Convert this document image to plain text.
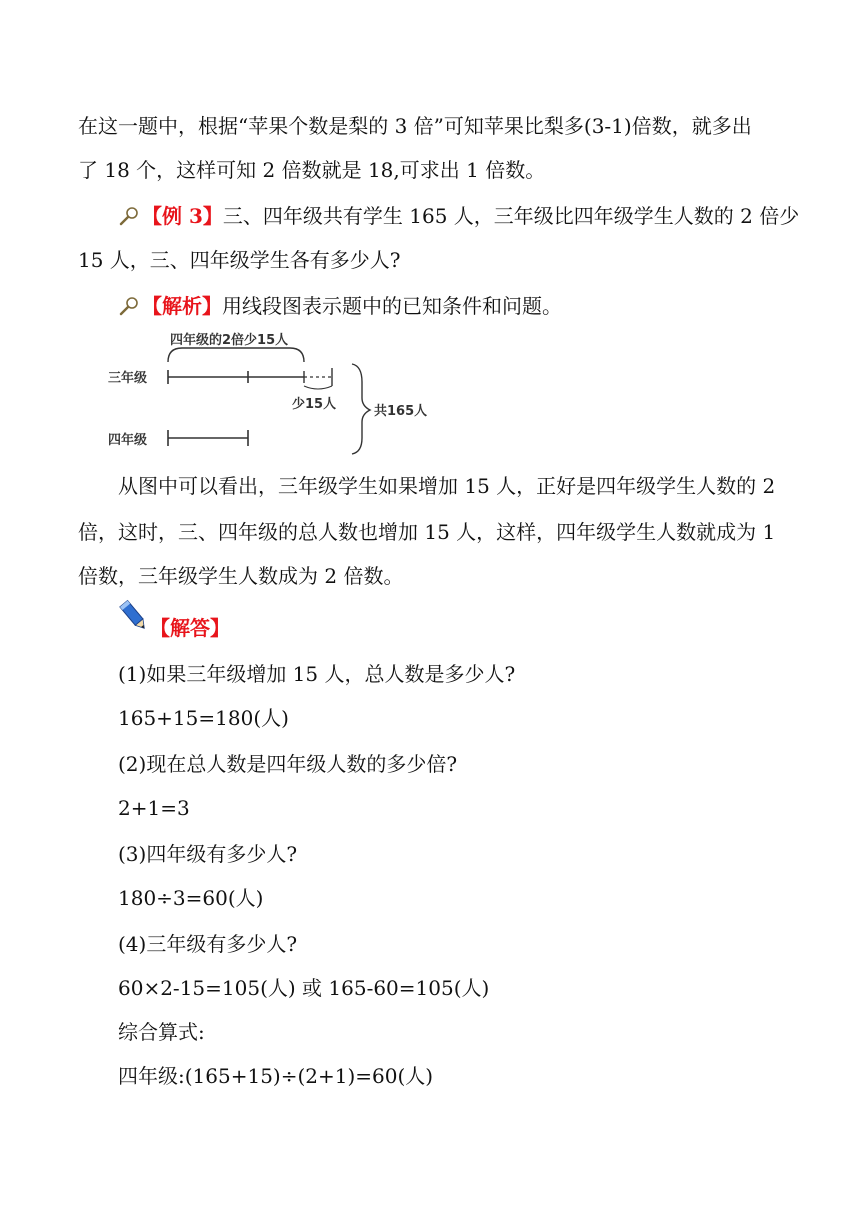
在这一题中，根据“苹果个数是梨的 3 倍”可知苹果比梨多(3-1)倍数，就多出
了 18 个，这样可知 2 倍数就是 18,可求出 1 倍数。
【例 3】三、四年级共有学生 165 人，三年级比四年级学生人数的 2 倍少
15 人，三、四年级学生各有多少人?
【解析】用线段图表示题中的已知条件和问题。
四年级的2倍少15人
三年级
少15人
四年级
共165人
从图中可以看出，三年级学生如果增加 15 人，正好是四年级学生人数的 2
倍，这时，三、四年级的总人数也增加 15 人，这样，四年级学生人数就成为 1
倍数，三年级学生人数成为 2 倍数。
【解答】
(1)如果三年级增加 15 人，总人数是多少人?
165+15=180(人)
(2)现在总人数是四年级人数的多少倍?
2+1=3
(3)四年级有多少人?
180÷3=60(人)
(4)三年级有多少人?
60×2-15=105(人) 或 165-60=105(人)
综合算式:
四年级:(165+15)÷(2+1)=60(人)
